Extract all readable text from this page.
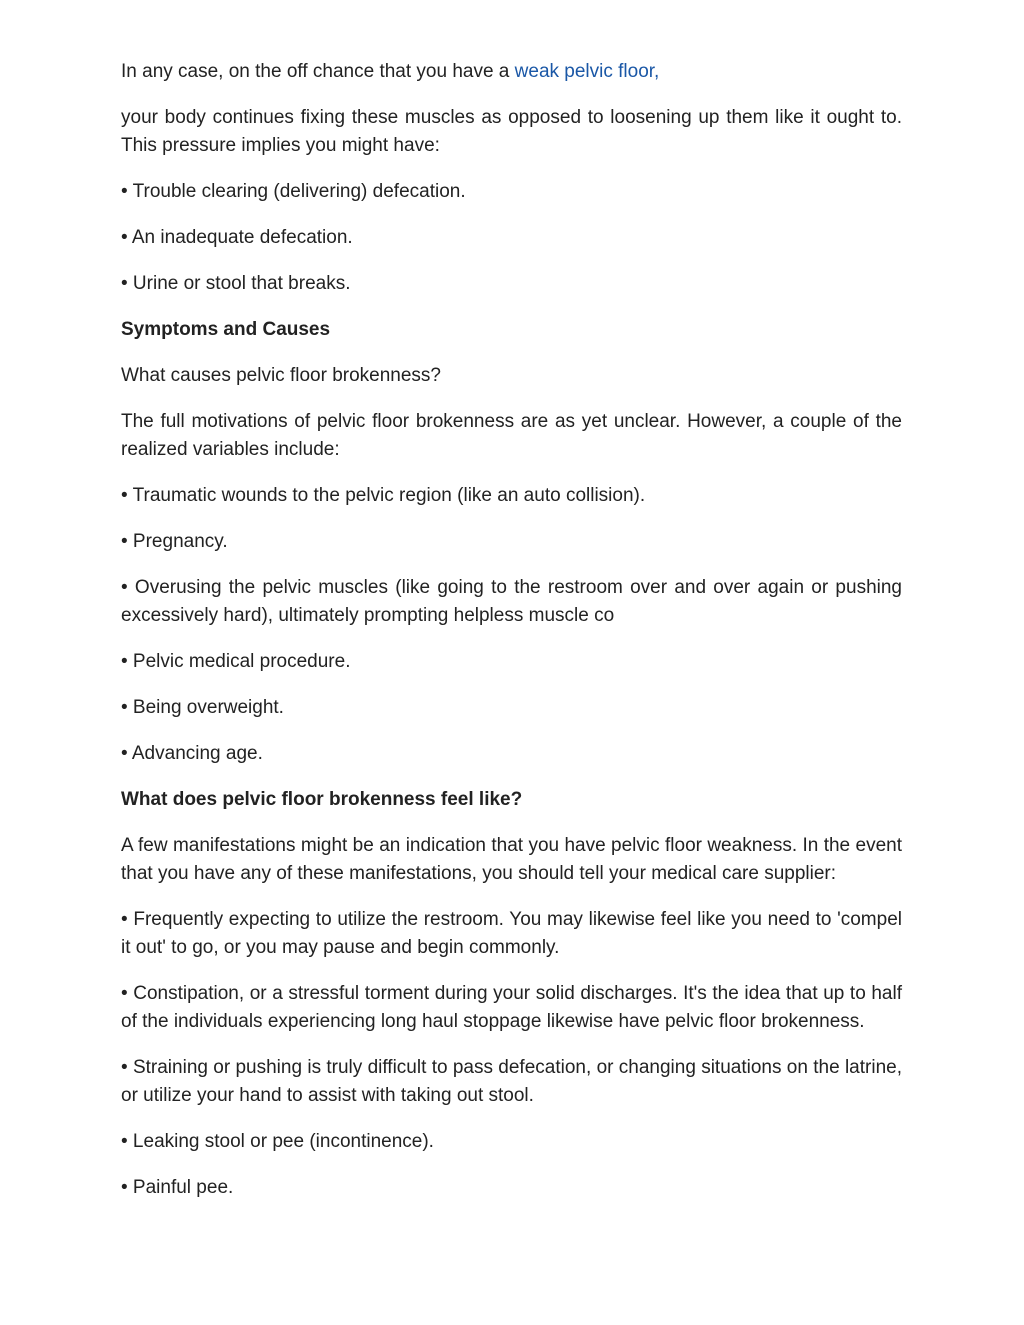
In any case, on the off chance that you have a weak pelvic floor,

your body continues fixing these muscles as opposed to loosening up them like it ought to. This pressure implies you might have:

• Trouble clearing (delivering) defecation.

• An inadequate defecation.

• Urine or stool that breaks.

Symptoms and Causes

What causes pelvic floor brokenness?

The full motivations of pelvic floor brokenness are as yet unclear. However, a couple of the realized variables include:

• Traumatic wounds to the pelvic region (like an auto collision).

• Pregnancy.

• Overusing the pelvic muscles (like going to the restroom over and over again or pushing excessively hard), ultimately prompting helpless muscle co

• Pelvic medical procedure.

• Being overweight.

• Advancing age.

What does pelvic floor brokenness feel like?

A few manifestations might be an indication that you have pelvic floor weakness. In the event that you have any of these manifestations, you should tell your medical care supplier:

• Frequently expecting to utilize the restroom. You may likewise feel like you need to 'compel it out' to go, or you may pause and begin commonly.

• Constipation, or a stressful torment during your solid discharges. It's the idea that up to half of the individuals experiencing long haul stoppage likewise have pelvic floor brokenness.

• Straining or pushing is truly difficult to pass defecation, or changing situations on the latrine, or utilize your hand to assist with taking out stool.

• Leaking stool or pee (incontinence).

• Painful pee.
